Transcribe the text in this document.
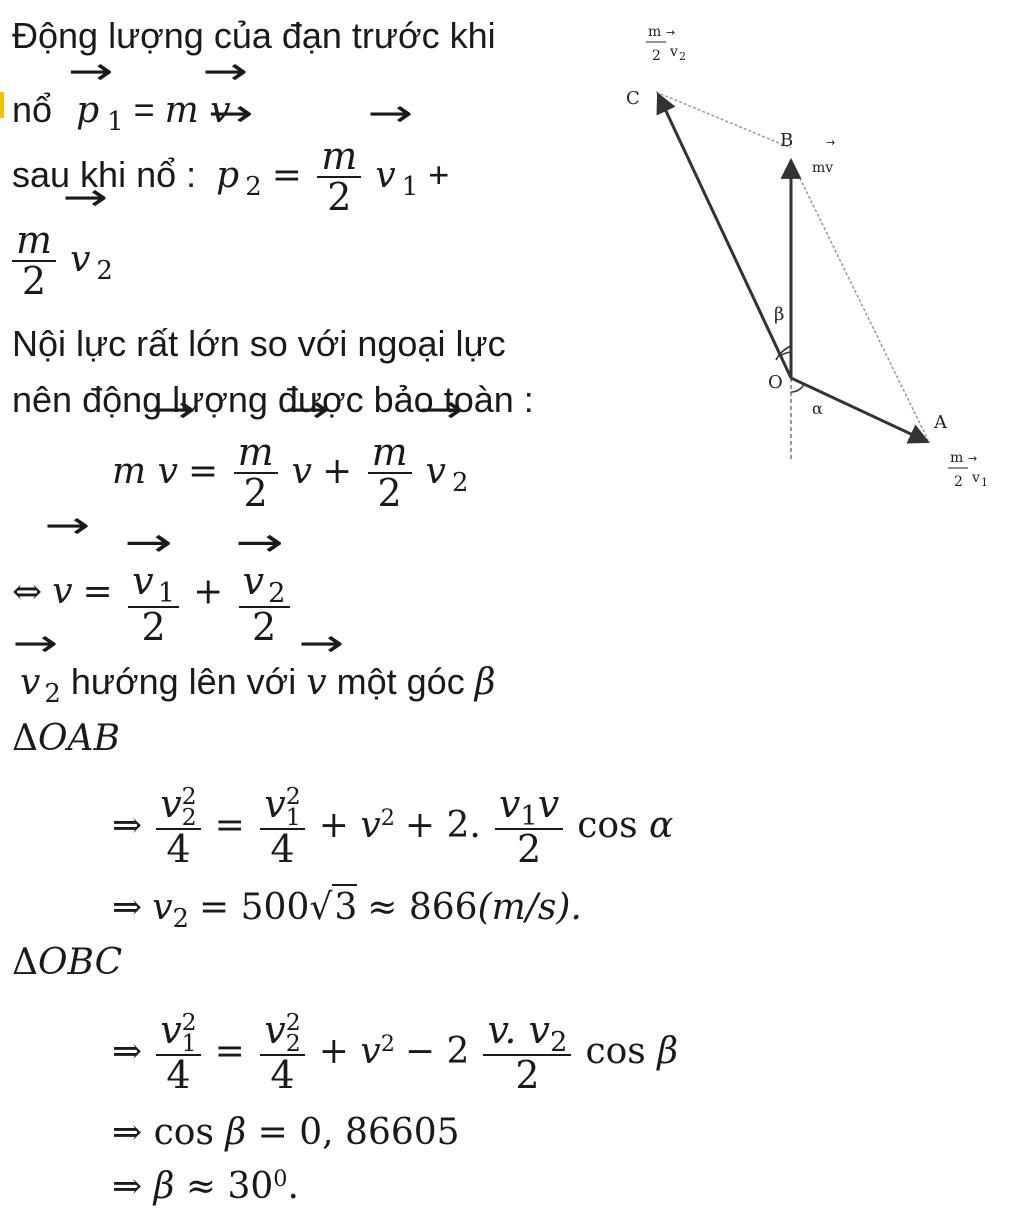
Động lượng của đạn trước khi
nổ → p $_1$ = m → v
sau khi nổ : → p $_2 = \frac{m}{2}$
→ v $_1$ +
$\frac{m}{2}$
→ v $_2$
Nội lực rất lớn so với ngoại lực
nên động lượng được bảo toàn :
$m \to v = \frac{m}{2}$
→ $v + \frac{m}{2}$
→ v $_2$
⇔ → v =
→ $\frac{v _1}{2}$ +
→ $\frac{v _2}{2}$
→ v $_2$ hướng lên với → v một góc β
ΔOAB
⇒ v 2
2
4 = v 2
1
$4 + v^2 + 2$. $\frac{v_1v}{2}$ cos α
⇒ $v_2 = 500√3 \approx 866(m/s)$.
ΔOBC
⇒ v 2
1
4 = v 2
2
$4 + v^2 - 2 \frac{v. v_2}{2}$ cos β
⇒ cos β = 0, 86605
⇒ $\beta \approx 30^0$.
O
A
B
C
β
α
mv
→
m →
2 v 2
m →
2 v 1
